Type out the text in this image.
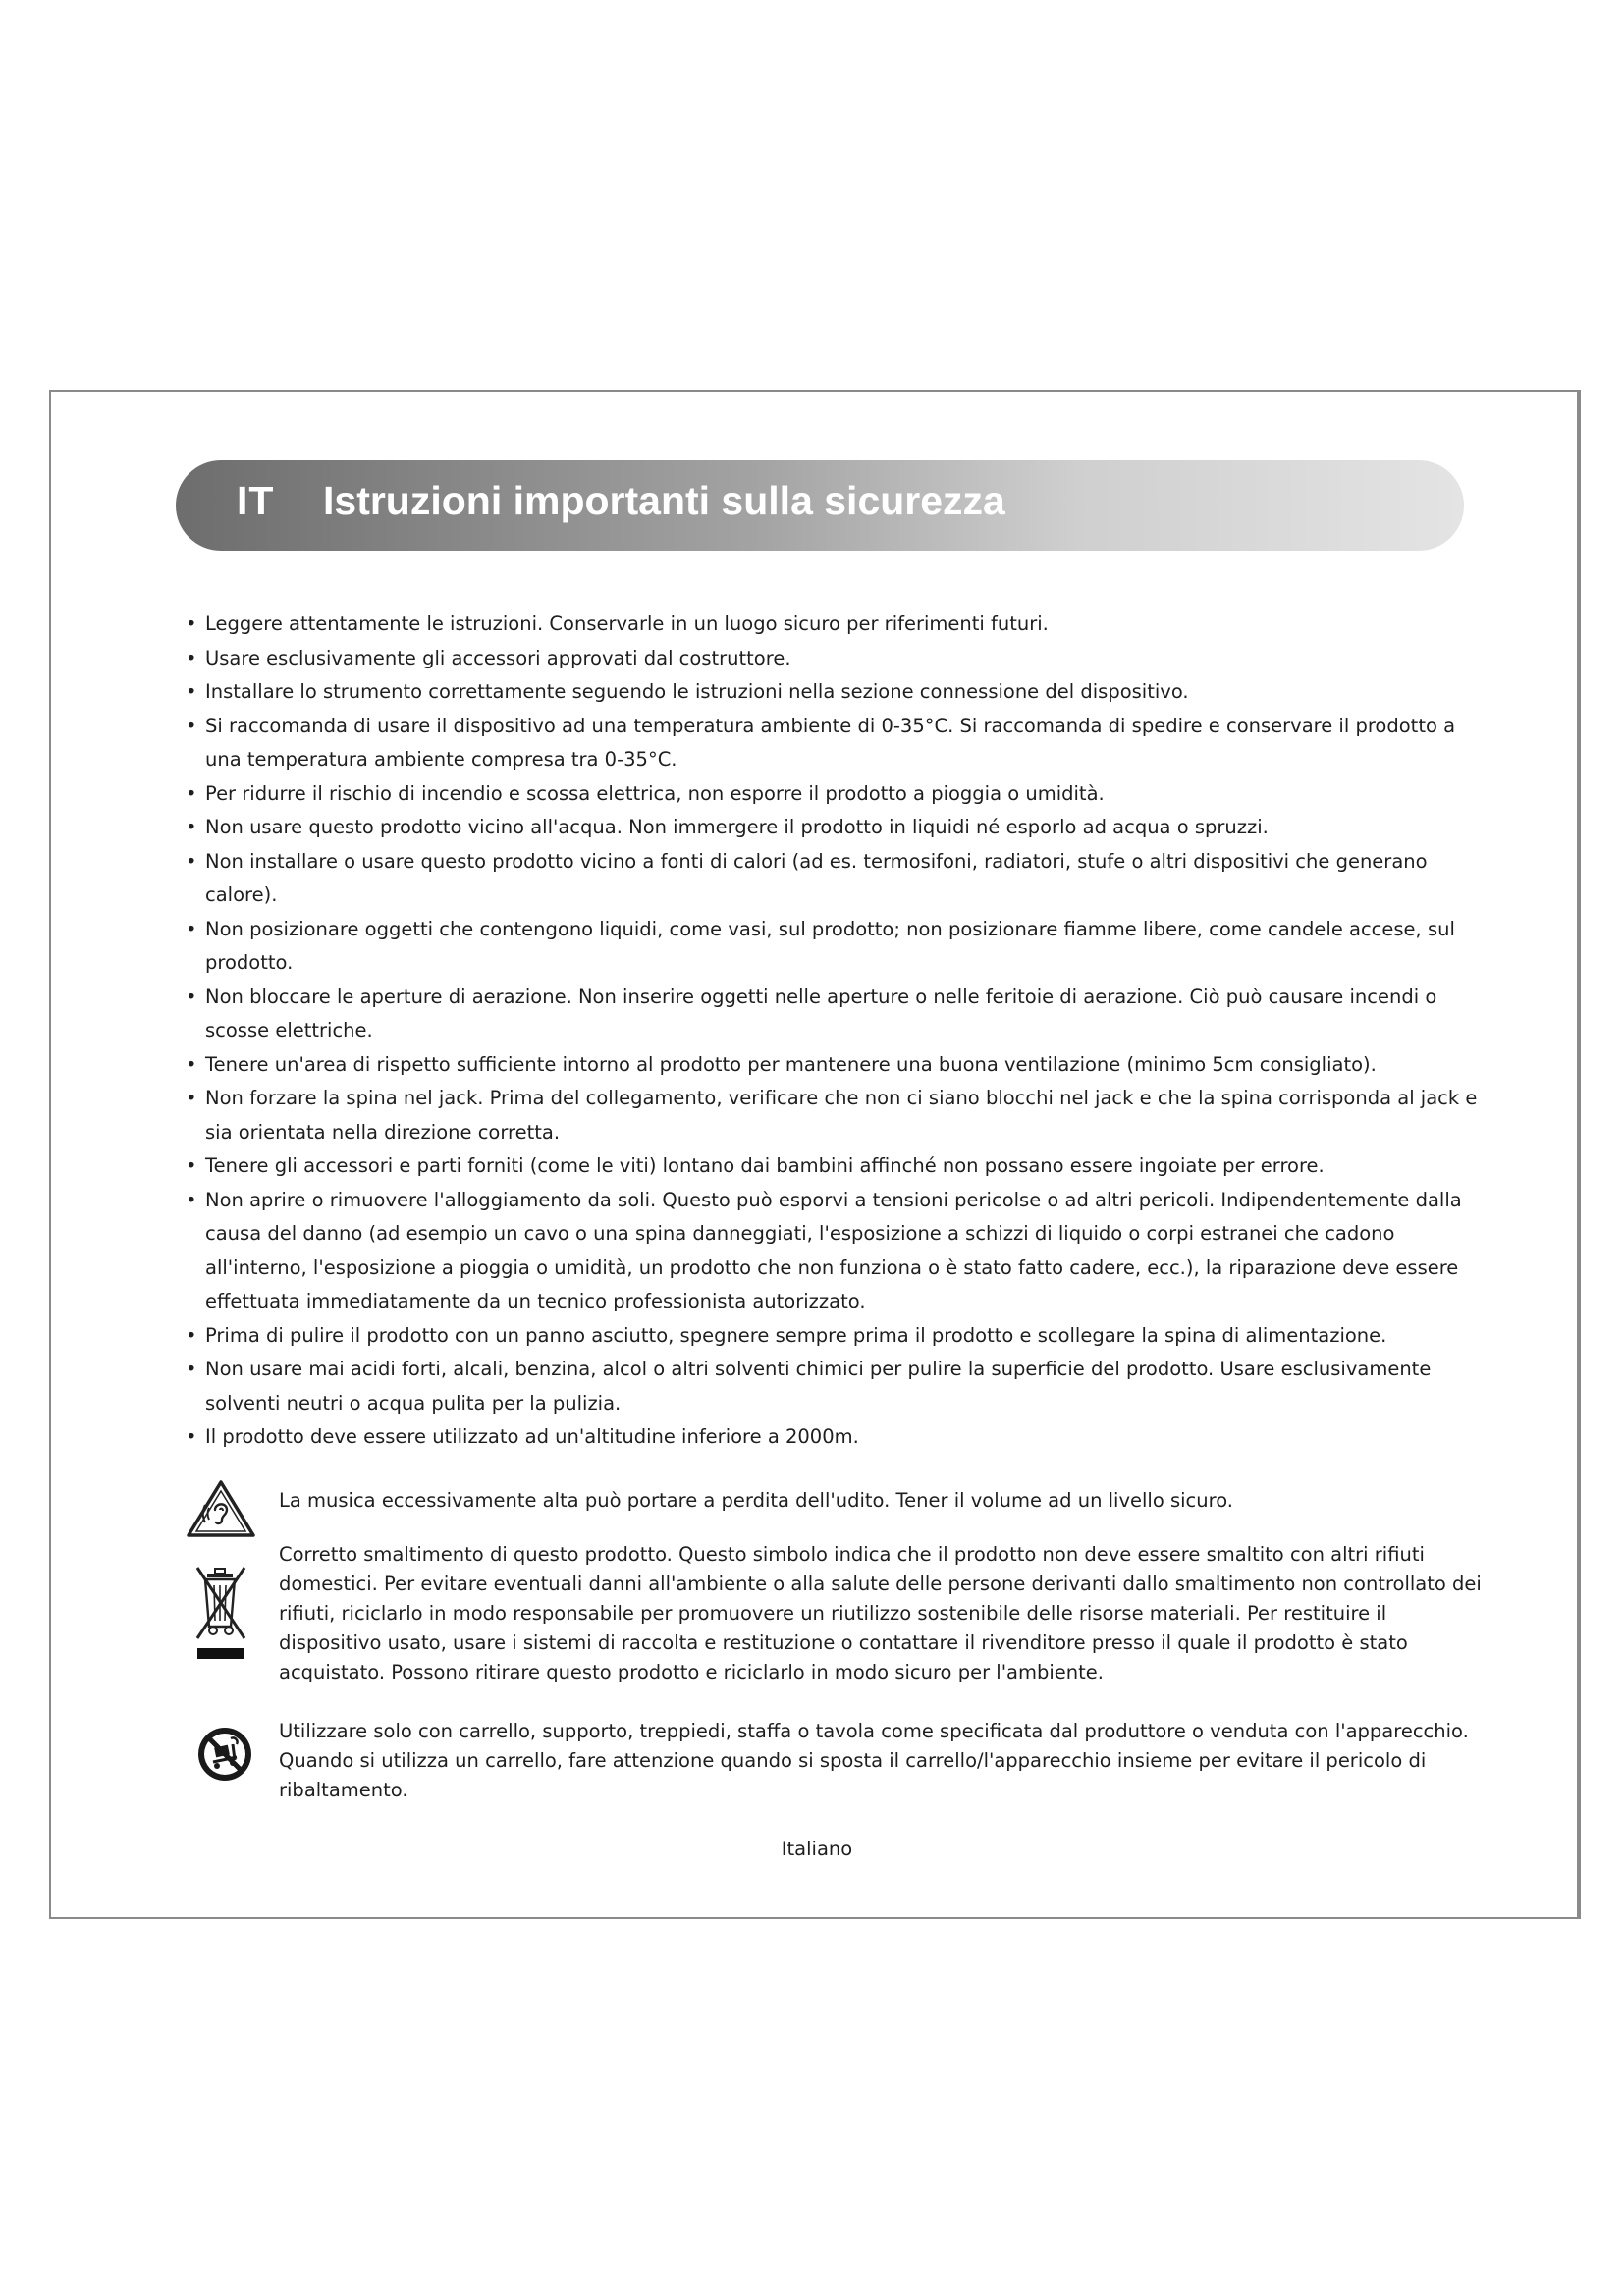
IT Istruzioni importanti sulla sicurezza
• Leggere attentamente le istruzioni. Conservarle in un luogo sicuro per riferimenti futuri.
• Usare esclusivamente gli accessori approvati dal costruttore.
• Installare lo strumento correttamente seguendo le istruzioni nella sezione connessione del dispositivo.
• Si raccomanda di usare il dispositivo ad una temperatura ambiente di 0-35°C. Si raccomanda di spedire e conservare il prodotto a una temperatura ambiente compresa tra 0-35°C.
• Per ridurre il rischio di incendio e scossa elettrica, non esporre il prodotto a pioggia o umidità.
• Non usare questo prodotto vicino all'acqua. Non immergere il prodotto in liquidi né esporlo ad acqua o spruzzi.
• Non installare o usare questo prodotto vicino a fonti di calori (ad es. termosifoni, radiatori, stufe o altri dispositivi che generano calore).
• Non posizionare oggetti che contengono liquidi, come vasi, sul prodotto; non posizionare fiamme libere, come candele accese, sul prodotto.
• Non bloccare le aperture di aerazione. Non inserire oggetti nelle aperture o nelle feritoie di aerazione. Ciò può causare incendi o scosse elettriche.
• Tenere un'area di rispetto sufficiente intorno al prodotto per mantenere una buona ventilazione (minimo 5cm consigliato).
• Non forzare la spina nel jack. Prima del collegamento, verificare che non ci siano blocchi nel jack e che la spina corrisponda al jack e sia orientata nella direzione corretta.
• Tenere gli accessori e parti forniti (come le viti) lontano dai bambini affinché non possano essere ingoiate per errore.
• Non aprire o rimuovere l'alloggiamento da soli. Questo può esporvi a tensioni pericolse o ad altri pericoli. Indipendentemente dalla causa del danno (ad esempio un cavo o una spina danneggiati, l'esposizione a schizzi di liquido o corpi estranei che cadono all'interno, l'esposizione a pioggia o umidità, un prodotto che non funziona o è stato fatto cadere, ecc.), la riparazione deve essere effettuata immediatamente da un tecnico professionista autorizzato.
• Prima di pulire il prodotto con un panno asciutto, spegnere sempre prima il prodotto e scollegare la spina di alimentazione.
• Non usare mai acidi forti, alcali, benzina, alcol o altri solventi chimici per pulire la superficie del prodotto. Usare esclusivamente solventi neutri o acqua pulita per la pulizia.
• Il prodotto deve essere utilizzato ad un'altitudine inferiore a 2000m.
La musica eccessivamente alta può portare a perdita dell'udito. Tener il volume ad un livello sicuro.
Corretto smaltimento di questo prodotto. Questo simbolo indica che il prodotto non deve essere smaltito con altri rifiuti domestici. Per evitare eventuali danni all'ambiente o alla salute delle persone derivanti dallo smaltimento non controllato dei rifiuti, riciclarlo in modo responsabile per promuovere un riutilizzo sostenibile delle risorse materiali. Per restituire il dispositivo usato, usare i sistemi di raccolta e restituzione o contattare il rivenditore presso il quale il prodotto è stato acquistato. Possono ritirare questo prodotto e riciclarlo in modo sicuro per l'ambiente.
Utilizzare solo con carrello, supporto, treppiedi, staffa o tavola come specificata dal produttore o venduta con l'apparecchio. Quando si utilizza un carrello, fare attenzione quando si sposta il carrello/l'apparecchio insieme per evitare il pericolo di ribaltamento.
Italiano
